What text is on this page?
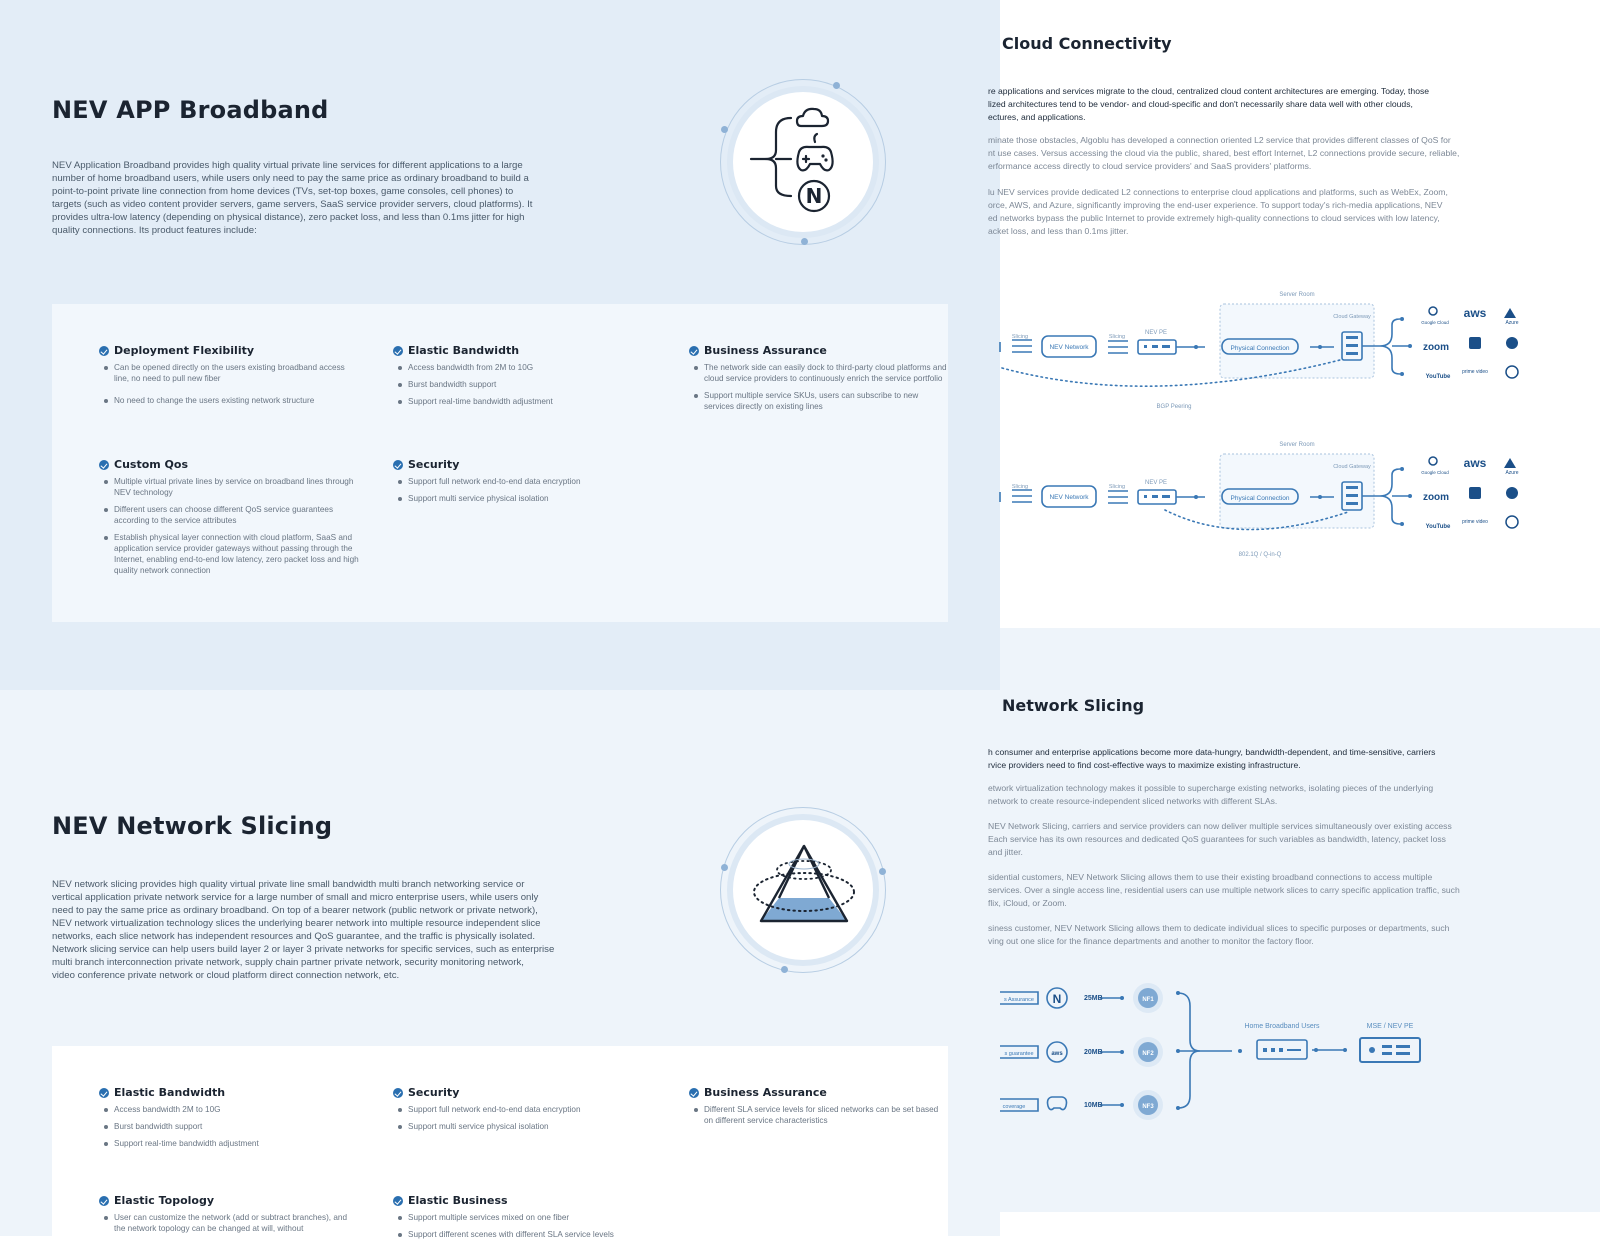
NEV APP Broadband
NEV Application Broadband provides high quality virtual private line services for different applications to a large
number of home broadband users, while users only need to pay the same price as ordinary broadband to build a
point-to-point private line connection from home devices (TVs, set-top boxes, game consoles, cell phones) to
targets (such as video content provider servers, game servers, SaaS service provider servers, cloud platforms). It
provides ultra-low latency (depending on physical distance), zero packet loss, and less than 0.1ms jitter for high
quality connections. Its product features include:
N
Deployment Flexibility
Can be opened directly on the users existing broadband access line, no need to pull new fiber
No need to change the users existing network structure
Elastic Bandwidth
Access bandwidth from 2M to 10G
Burst bandwidth support
Support real-time bandwidth adjustment
Business Assurance
The network side can easily dock to third-party cloud platforms and cloud service providers to continuously enrich the service portfolio
Support multiple service SKUs, users can subscribe to new services directly on existing lines
Custom Qos
Multiple virtual private lines by service on broadband lines through NEV technology
Different users can choose different QoS service guarantees according to the service attributes
Establish physical layer connection with cloud platform, SaaS and application service provider gateways without passing through the Internet, enabling end-to-end low latency, zero packet loss and high quality network connection
Security
Support full network end-to-end data encryption
Support multi service physical isolation
NEV Network Slicing
NEV network slicing provides high quality virtual private line small bandwidth multi branch networking service or
vertical application private network service for a large number of small and micro enterprise users, while users only
need to pay the same price as ordinary broadband. On top of a bearer network (public network or private network),
NEV network virtualization technology slices the underlying bearer network into multiple resource independent slice
networks, each slice network has independent resources and QoS guarantee, and the traffic is physically isolated.
Network slicing service can help users build layer 2 or layer 3 private networks for specific services, such as enterprise
multi branch interconnection private network, supply chain partner private network, security monitoring network,
video conference private network or cloud platform direct connection network, etc.
Elastic Bandwidth
Access bandwidth 2M to 10G
Burst bandwidth support
Support real-time bandwidth adjustment
Security
Support full network end-to-end data encryption
Support multi service physical isolation
Business Assurance
Different SLA service levels for sliced networks can be set based on different service characteristics
Elastic Topology
User can customize the network (add or subtract branches), and the network topology can be changed at will, without
Elastic Business
Support multiple services mixed on one fiber
Support different scenes with different SLA service levels
Cloud Connectivity
re applications and services migrate to the cloud, centralized cloud content architectures are emerging. Today, those
lized architectures tend to be vendor- and cloud-specific and don't necessarily share data well with other clouds,
ectures, and applications.
minate those obstacles, Algoblu has developed a connection oriented L2 service that provides different classes of QoS for
nt use cases. Versus accessing the cloud via the public, shared, best effort Internet, L2 connections provide secure, reliable,
erformance access directly to cloud service providers' and SaaS providers' platforms.
lu NEV services provide dedicated L2 connections to enterprise cloud applications and platforms, such as WebEx, Zoom,
orce, AWS, and Azure, significantly improving the end-user experience. To support today's rich-media applications, NEV
ed networks bypass the public Internet to provide extremely high-quality connections to cloud services with low latency,
acket loss, and less than 0.1ms jitter.
Server Room
Slicing	Slicing
NEV PE
NEV Network	Physical Connection
Cloud Gateway
BGP Peering
Google Cloud
aws
Azure
zoom
YouTube
prime video
Server Room
Slicing	Slicing
NEV PE
NEV Network	Physical Connection
Cloud Gateway
802.1Q / Q-in-Q
Google Cloud
aws
Azure
zoom
YouTube
prime video
Network Slicing
h consumer and enterprise applications become more data-hungry, bandwidth-dependent, and time-sensitive, carriers
rvice providers need to find cost-effective ways to maximize existing infrastructure.
etwork virtualization technology makes it possible to supercharge existing networks, isolating pieces of the underlying
network to create resource-independent sliced networks with different SLAs.
NEV Network Slicing, carriers and service providers can now deliver multiple services simultaneously over existing access
Each service has its own resources and dedicated QoS guarantees for such variables as bandwidth, latency, packet loss
and jitter.
sidential customers, NEV Network Slicing allows them to use their existing broadband connections to access multiple
services. Over a single access line, residential users can use multiple network slices to carry specific application traffic, such
flix, iCloud, or Zoom.
siness customer, NEV Network Slicing allows them to dedicate individual slices to specific purposes or departments, such
ving out one slice for the finance departments and another to monitor the factory floor.
NF1
NF2
NF3
s Assurance
s guarantee
coverage
N
aws
25MB
20MB
10MB
Home Broadband Users	MSE / NEV PE
